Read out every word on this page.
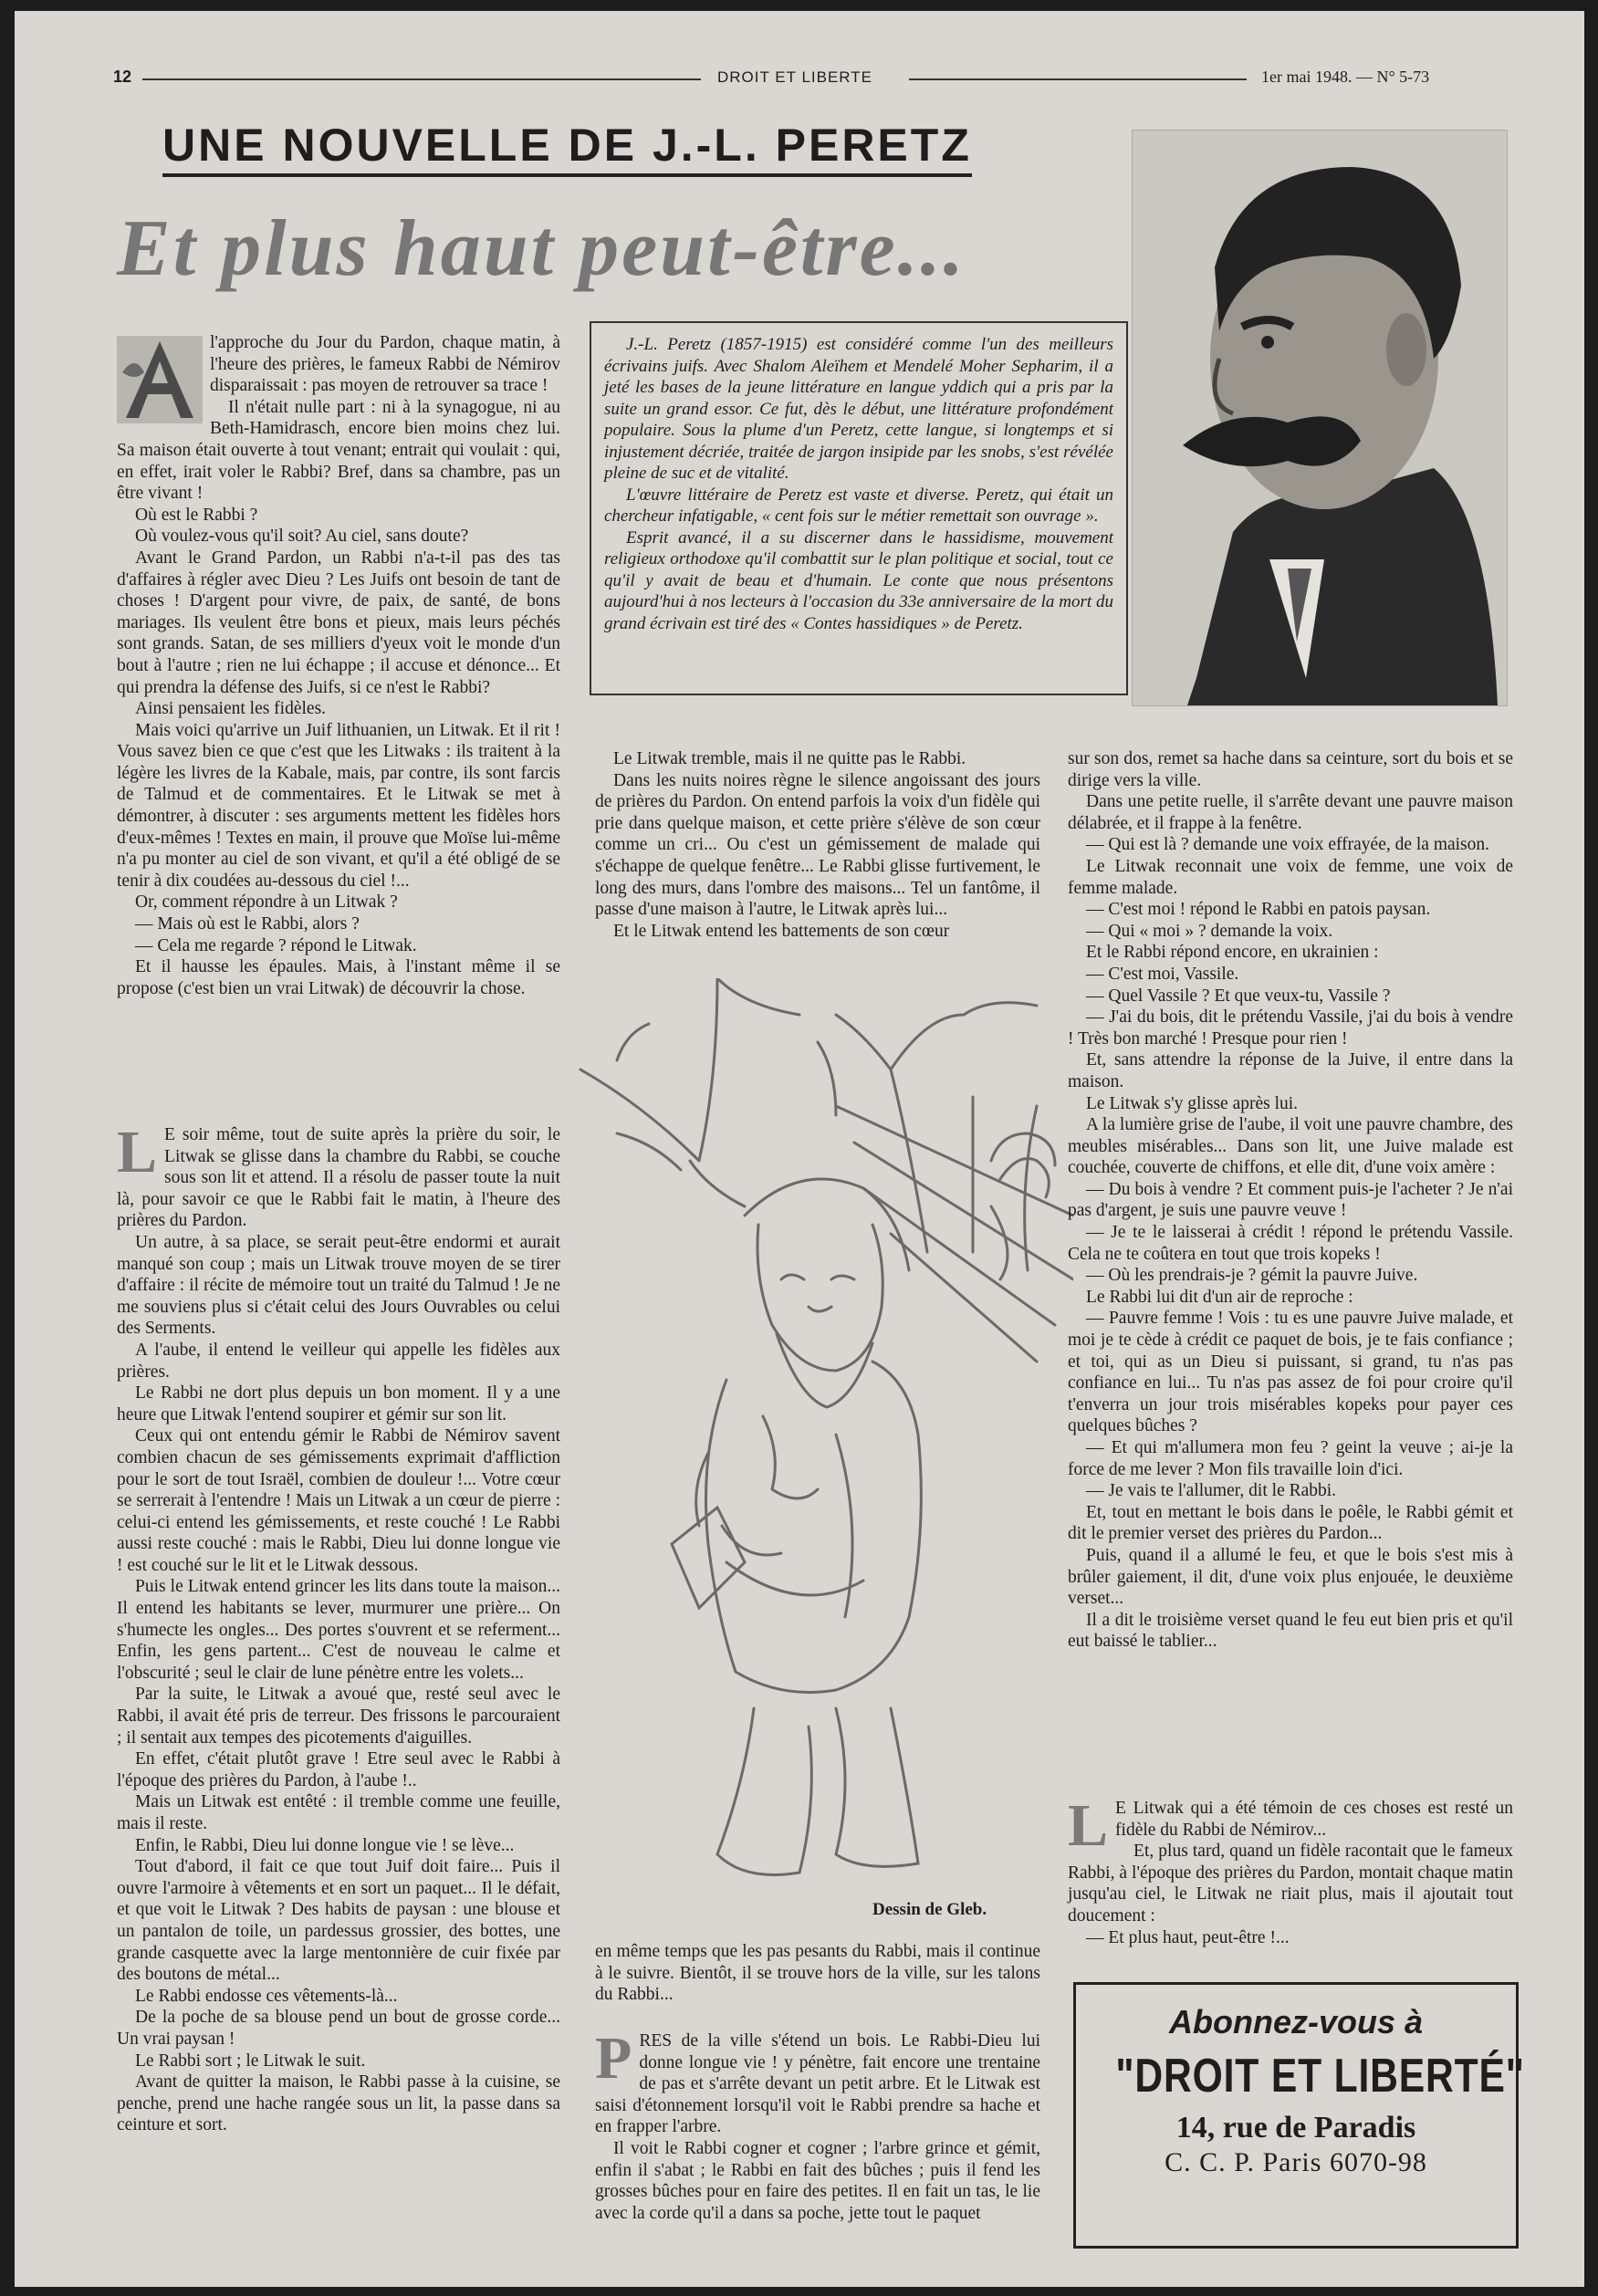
12	DROIT ET LIBERTE	1er mai 1948. — N° 5-73
UNE NOUVELLE DE J.-L. PERETZ
Et plus haut peut-être...

J.-L. Peretz (1857-1915) est considéré comme l'un des meilleurs écrivains juifs. Avec Shalom Aleïhem et Mendelé Moher Sepharim, il a jeté les bases de la jeune littérature en langue yddich qui a pris par la suite un grand essor. Ce fut, dès le début, une littérature profondément populaire. Sous la plume d'un Peretz, cette langue, si longtemps et si injustement décriée, traitée de jargon insipide par les snobs, s'est révélée pleine de suc et de vitalité.

L'œuvre littéraire de Peretz est vaste et diverse. Peretz, qui était un chercheur infatigable, « cent fois sur le métier remettait son ouvrage ».

Esprit avancé, il a su discerner dans le hassidisme, mouvement religieux orthodoxe qu'il combattit sur le plan politique et social, tout ce qu'il y avait de beau et d'humain. Le conte que nous présentons aujourd'hui à nos lecteurs à l'occasion du 33e anniversaire de la mort du grand écrivain est tiré des « Contes hassidiques » de Peretz.

l'approche du Jour du Pardon, chaque matin, à l'heure des prières, le fameux Rabbi de Némirov disparaissait : pas moyen de retrouver sa trace !

Il n'était nulle part : ni à la synagogue, ni au Beth-Hamidrasch, encore bien moins chez lui. Sa maison était ouverte à tout venant; entrait qui voulait : qui, en effet, irait voler le Rabbi? Bref, dans sa chambre, pas un être vivant !

Où est le Rabbi ?

Où voulez-vous qu'il soit? Au ciel, sans doute?

Avant le Grand Pardon, un Rabbi n'a-t-il pas des tas d'affaires à régler avec Dieu ? Les Juifs ont besoin de tant de choses ! D'argent pour vivre, de paix, de santé, de bons mariages. Ils veulent être bons et pieux, mais leurs péchés sont grands. Satan, de ses milliers d'yeux voit le monde d'un bout à l'autre ; rien ne lui échappe ; il accuse et dénonce... Et qui prendra la défense des Juifs, si ce n'est le Rabbi?

Ainsi pensaient les fidèles.

Mais voici qu'arrive un Juif lithuanien, un Litwak. Et il rit ! Vous savez bien ce que c'est que les Litwaks : ils traitent à la légère les livres de la Kabale, mais, par contre, ils sont farcis de Talmud et de commentaires. Et le Litwak se met à démontrer, à discuter : ses arguments mettent les fidèles hors d'eux-mêmes ! Textes en main, il prouve que Moïse lui-même n'a pu monter au ciel de son vivant, et qu'il a été obligé de se tenir à dix coudées au-dessous du ciel !...

Or, comment répondre à un Litwak ?

— Mais où est le Rabbi, alors ?

— Cela me regarde ? répond le Litwak.

Et il hausse les épaules. Mais, à l'instant même il se propose (c'est bien un vrai Litwak) de découvrir la chose.

L E soir même, tout de suite après la prière du soir, le Litwak se glisse dans la chambre du Rabbi, se couche sous son lit et attend. Il a résolu de passer toute la nuit là, pour savoir ce que le Rabbi fait le matin, à l'heure des prières du Pardon.

Un autre, à sa place, se serait peut-être endormi et aurait manqué son coup ; mais un Litwak trouve moyen de se tirer d'affaire : il récite de mémoire tout un traité du Talmud ! Je ne me souviens plus si c'était celui des Jours Ouvrables ou celui des Serments.

A l'aube, il entend le veilleur qui appelle les fidèles aux prières.

Le Rabbi ne dort plus depuis un bon moment. Il y a une heure que Litwak l'entend soupirer et gémir sur son lit.

Ceux qui ont entendu gémir le Rabbi de Némirov savent combien chacun de ses gémissements exprimait d'affliction pour le sort de tout Israël, combien de douleur !... Votre cœur se serrerait à l'entendre ! Mais un Litwak a un cœur de pierre : celui-ci entend les gémissements, et reste couché ! Le Rabbi aussi reste couché : mais le Rabbi, Dieu lui donne longue vie ! est couché sur le lit et le Litwak dessous.

Puis le Litwak entend grincer les lits dans toute la maison... Il entend les habitants se lever, murmurer une prière... On s'humecte les ongles... Des portes s'ouvrent et se referment... Enfin, les gens partent... C'est de nouveau le calme et l'obscurité ; seul le clair de lune pénètre entre les volets...

Par la suite, le Litwak a avoué que, resté seul avec le Rabbi, il avait été pris de terreur. Des frissons le parcouraient ; il sentait aux tempes des picotements d'aiguilles.

En effet, c'était plutôt grave ! Etre seul avec le Rabbi à l'époque des prières du Pardon, à l'aube !..

Mais un Litwak est entêté : il tremble comme une feuille, mais il reste.

Enfin, le Rabbi, Dieu lui donne longue vie ! se lève...

Tout d'abord, il fait ce que tout Juif doit faire... Puis il ouvre l'armoire à vêtements et en sort un paquet... Il le défait, et que voit le Litwak ? Des habits de paysan : une blouse et un pantalon de toile, un pardessus grossier, des bottes, une grande casquette avec la large mentonnière de cuir fixée par des boutons de métal...

Le Rabbi endosse ces vêtements-là...

De la poche de sa blouse pend un bout de grosse corde... Un vrai paysan !

Le Rabbi sort ; le Litwak le suit.

Avant de quitter la maison, le Rabbi passe à la cuisine, se penche, prend une hache rangée sous un lit, la passe dans sa ceinture et sort.

Le Litwak tremble, mais il ne quitte pas le Rabbi.

Dans les nuits noires règne le silence angoissant des jours de prières du Pardon. On entend parfois la voix d'un fidèle qui prie dans quelque maison, et cette prière s'élève de son cœur comme un cri... Ou c'est un gémissement de malade qui s'échappe de quelque fenêtre... Le Rabbi glisse furtivement, le long des murs, dans l'ombre des maisons... Tel un fantôme, il passe d'une maison à l'autre, le Litwak après lui...

Et le Litwak entend les battements de son cœur

Dessin de Gleb.

en même temps que les pas pesants du Rabbi, mais il continue à le suivre. Bientôt, il se trouve hors de la ville, sur les talons du Rabbi...

P RES de la ville s'étend un bois. Le Rabbi-Dieu lui donne longue vie ! y pénètre, fait encore une trentaine de pas et s'arrête devant un petit arbre. Et le Litwak est saisi d'étonnement lorsqu'il voit le Rabbi prendre sa hache et en frapper l'arbre.

Il voit le Rabbi cogner et cogner ; l'arbre grince et gémit, enfin il s'abat ; le Rabbi en fait des bûches ; puis il fend les grosses bûches pour en faire des petites. Il en fait un tas, le lie avec la corde qu'il a dans sa poche, jette tout le paquet

sur son dos, remet sa hache dans sa ceinture, sort du bois et se dirige vers la ville.

Dans une petite ruelle, il s'arrête devant une pauvre maison délabrée, et il frappe à la fenêtre.

— Qui est là ? demande une voix effrayée, de la maison.

Le Litwak reconnait une voix de femme, une voix de femme malade.

— C'est moi ! répond le Rabbi en patois paysan.

— Qui « moi » ? demande la voix.

Et le Rabbi répond encore, en ukrainien :

— C'est moi, Vassile.

— Quel Vassile ? Et que veux-tu, Vassile ?

— J'ai du bois, dit le prétendu Vassile, j'ai du bois à vendre ! Très bon marché ! Presque pour rien !

Et, sans attendre la réponse de la Juive, il entre dans la maison.

Le Litwak s'y glisse après lui.

A la lumière grise de l'aube, il voit une pauvre chambre, des meubles misérables... Dans son lit, une Juive malade est couchée, couverte de chiffons, et elle dit, d'une voix amère :

— Du bois à vendre ? Et comment puis-je l'acheter ? Je n'ai pas d'argent, je suis une pauvre veuve !

— Je te le laisserai à crédit ! répond le prétendu Vassile. Cela ne te coûtera en tout que trois kopeks !

— Où les prendrais-je ? gémit la pauvre Juive.

Le Rabbi lui dit d'un air de reproche :

— Pauvre femme ! Vois : tu es une pauvre Juive malade, et moi je te cède à crédit ce paquet de bois, je te fais confiance ; et toi, qui as un Dieu si puissant, si grand, tu n'as pas confiance en lui... Tu n'as pas assez de foi pour croire qu'il t'enverra un jour trois misérables kopeks pour payer ces quelques bûches ?

— Et qui m'allumera mon feu ? geint la veuve ; ai-je la force de me lever ? Mon fils travaille loin d'ici.

— Je vais te l'allumer, dit le Rabbi.

Et, tout en mettant le bois dans le poêle, le Rabbi gémit et dit le premier verset des prières du Pardon...

Puis, quand il a allumé le feu, et que le bois s'est mis à brûler gaiement, il dit, d'une voix plus enjouée, le deuxième verset...

Il a dit le troisième verset quand le feu eut bien pris et qu'il eut baissé le tablier...

L E Litwak qui a été témoin de ces choses est resté un fidèle du Rabbi de Némirov...

Et, plus tard, quand un fidèle racontait que le fameux Rabbi, à l'époque des prières du Pardon, montait chaque matin jusqu'au ciel, le Litwak ne riait plus, mais il ajoutait tout doucement :

— Et plus haut, peut-être !...

Abonnez-vous à
"DROIT ET LIBERTÉ"
14, rue de Paradis
C. C. P. Paris 6070-98
